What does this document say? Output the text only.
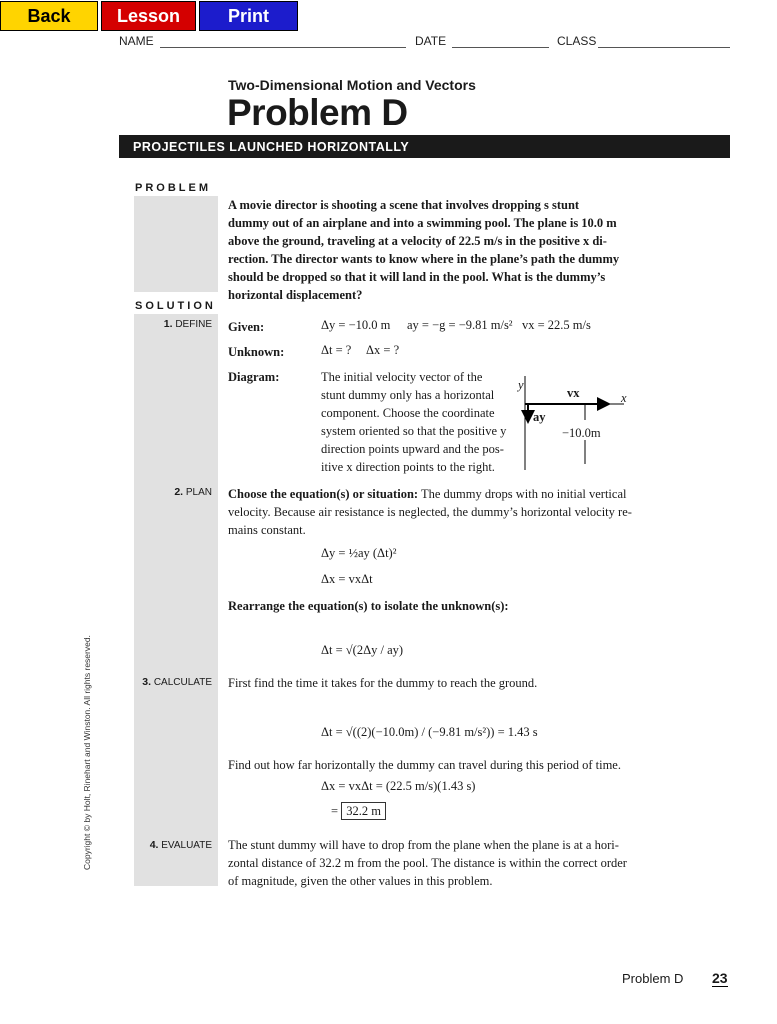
Back	Lesson	Print
NAME	DATE	CLASS
Two-Dimensional Motion and Vectors
Problem D
PROJECTILES LAUNCHED HORIZONTALLY
PROBLEM
A movie director is shooting a scene that involves dropping s stunt
dummy out of an airplane and into a swimming pool. The plane is 10.0 m
above the ground, traveling at a velocity of 22.5 m/s in the positive x di-
rection. The director wants to know where in the plane’s path the dummy
should be dropped so that it will land in the pool. What is the dummy’s
horizontal displacement?
SOLUTION
1. DEFINE Given:	Δy = −10.0 m ay = −g = −9.81 m/s² vx = 22.5 m/s
Unknown:	Δt = ? Δx = ?
Diagram:	The initial velocity vector of the
stunt dummy only has a horizontal
component. Choose the coordinate
system oriented so that the positive y
direction points upward and the pos-
itive x direction points to the right.
y
x
vx
ay
−10.0m
2. PLAN Choose the equation(s) or situation: The dummy drops with no initial vertical
velocity. Because air resistance is neglected, the dummy’s horizontal velocity re-
mains constant.
Δy = ½ay (Δt)²
Δx = vxΔt
Rearrange the equation(s) to isolate the unknown(s):
Δt = √(2Δy / ay)
3. CALCULATE First find the time it takes for the dummy to reach the ground.
Δt = √((2)(−10.0m) / (−9.81 m/s²)) = 1.43 s
Find out how far horizontally the dummy can travel during this period of time.
Δx = vxΔt = (22.5 m/s)(1.43 s)
= 32.2 m
4. EVALUATE The stunt dummy will have to drop from the plane when the plane is at a hori-
zontal distance of 32.2 m from the pool. The distance is within the correct order
of magnitude, given the other values in this problem.
Copyright © by Holt, Rinehart and Winston. All rights reserved.
Problem D 23
